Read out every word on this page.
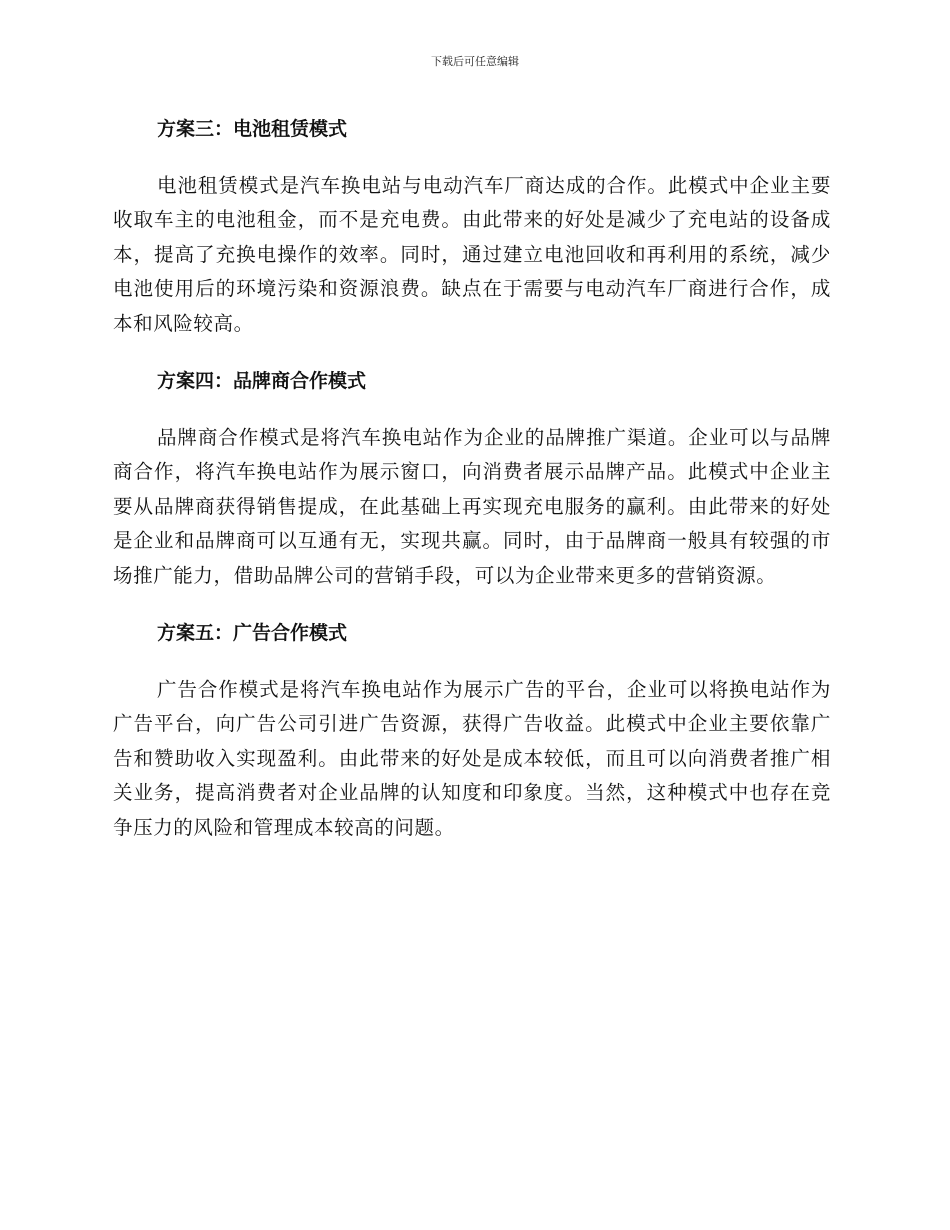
下载后可任意编辑
方案三：电池租赁模式

电池租赁模式是汽车换电站与电动汽车厂商达成的合作。此模式中企业主要收取车主的电池租金，而不是充电费。由此带来的好处是减少了充电站的设备成本，提高了充换电操作的效率。同时，通过建立电池回收和再利用的系统，减少电池使用后的环境污染和资源浪费。缺点在于需要与电动汽车厂商进行合作，成本和风险较高。

方案四：品牌商合作模式

品牌商合作模式是将汽车换电站作为企业的品牌推广渠道。企业可以与品牌商合作，将汽车换电站作为展示窗口，向消费者展示品牌产品。此模式中企业主要从品牌商获得销售提成，在此基础上再实现充电服务的赢利。由此带来的好处是企业和品牌商可以互通有无，实现共赢。同时，由于品牌商一般具有较强的市场推广能力，借助品牌公司的营销手段，可以为企业带来更多的营销资源。

方案五：广告合作模式

广告合作模式是将汽车换电站作为展示广告的平台，企业可以将换电站作为广告平台，向广告公司引进广告资源，获得广告收益。此模式中企业主要依靠广告和赞助收入实现盈利。由此带来的好处是成本较低，而且可以向消费者推广相关业务，提高消费者对企业品牌的认知度和印象度。当然，这种模式中也存在竞争压力的风险和管理成本较高的问题。
